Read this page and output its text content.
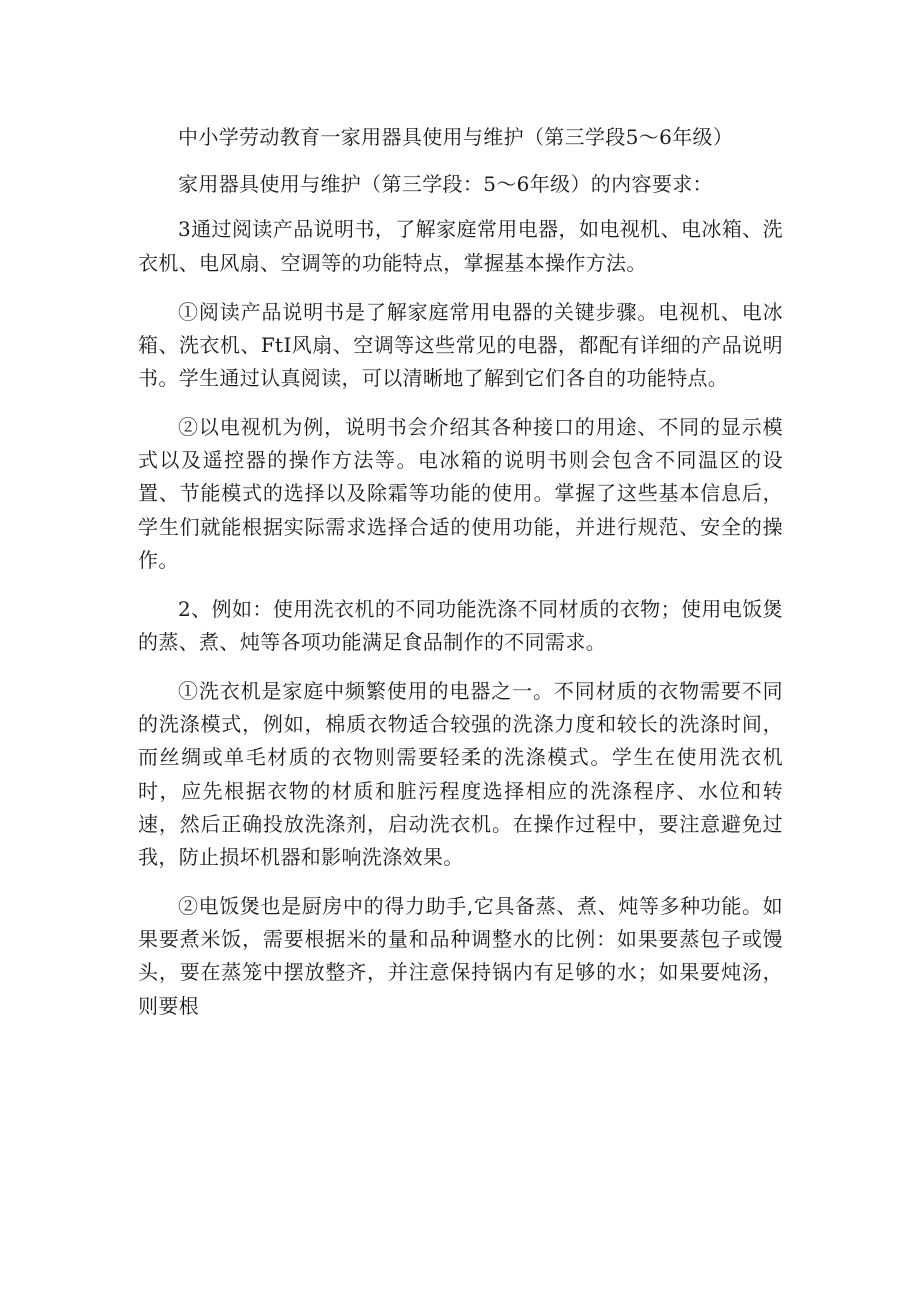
中小学劳动教育一家用器具使用与维护（第三学段5～6年级）

家用器具使用与维护（第三学段：5～6年级）的内容要求：

3通过阅读产品说明书，了解家庭常用电器，如电视机、电冰箱、洗衣机、电风扇、空调等的功能特点，掌握基本操作方法。

①阅读产品说明书是了解家庭常用电器的关键步骤。电视机、电冰箱、洗衣机、FtI风扇、空调等这些常见的电器，都配有详细的产品说明书。学生通过认真阅读，可以清晰地了解到它们各自的功能特点。

②以电视机为例，说明书会介绍其各种接口的用途、不同的显示模式以及遥控器的操作方法等。电冰箱的说明书则会包含不同温区的设置、节能模式的选择以及除霜等功能的使用。掌握了这些基本信息后，学生们就能根据实际需求选择合适的使用功能，并进行规范、安全的操作。

2、例如：使用洗衣机的不同功能洗涤不同材质的衣物；使用电饭煲的蒸、煮、炖等各项功能满足食品制作的不同需求。

①洗衣机是家庭中频繁使用的电器之一。不同材质的衣物需要不同的洗涤模式，例如，棉质衣物适合较强的洗涤力度和较长的洗涤时间，而丝绸或单毛材质的衣物则需要轻柔的洗涤模式。学生在使用洗衣机时，应先根据衣物的材质和脏污程度选择相应的洗涤程序、水位和转速，然后正确投放洗涤剂，启动洗衣机。在操作过程中，要注意避免过我，防止损坏机器和影响洗涤效果。

②电饭煲也是厨房中的得力助手,它具备蒸、煮、炖等多种功能。如果要煮米饭，需要根据米的量和品种调整水的比例：如果要蒸包子或馒头，要在蒸笼中摆放整齐，并注意保持锅内有足够的水；如果要炖汤，则要根
